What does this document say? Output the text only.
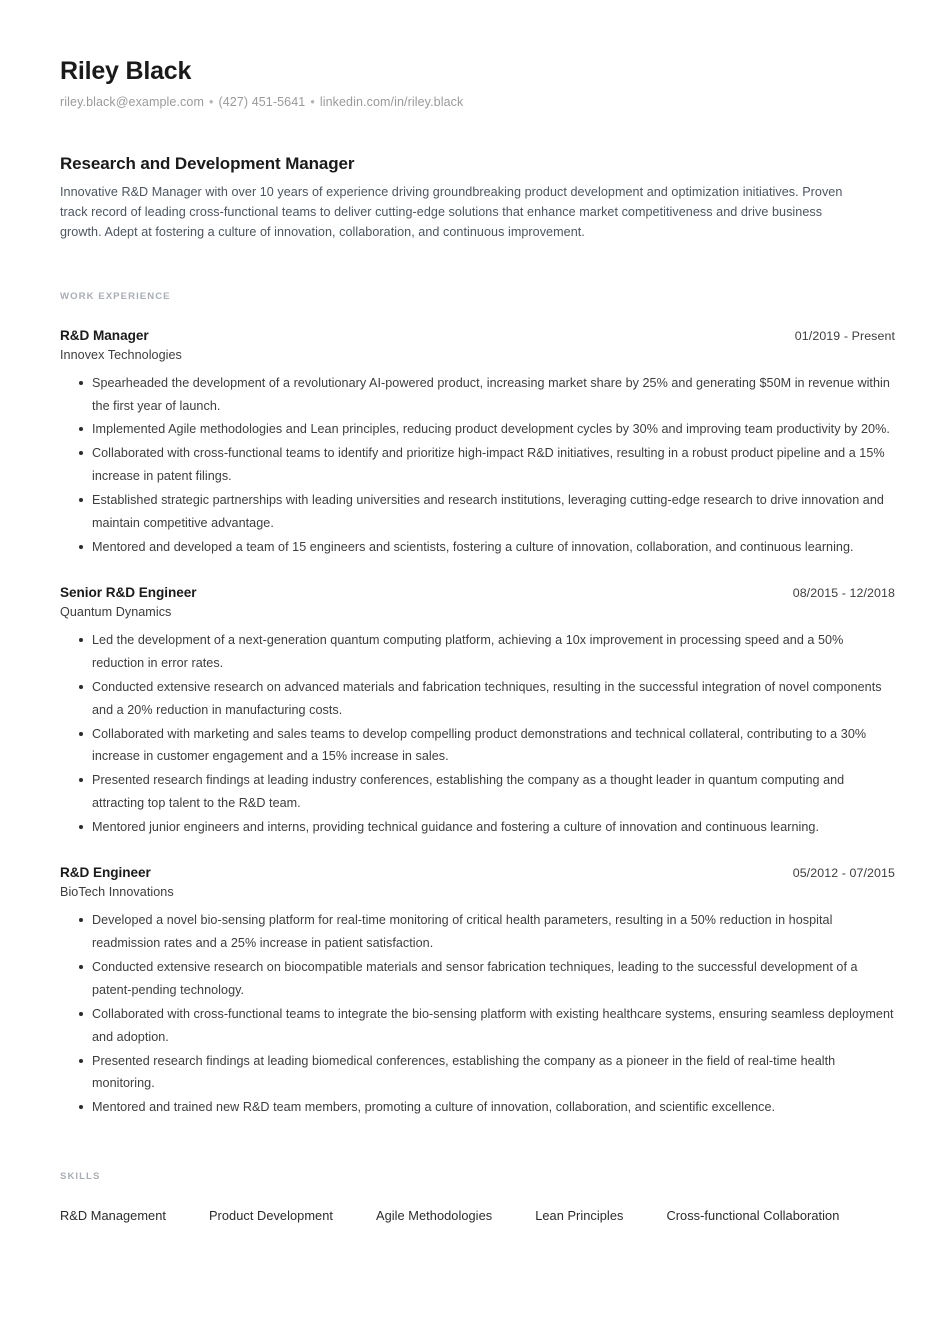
Riley Black

riley.black@example.com • (427) 451-5641 • linkedin.com/in/riley.black

Research and Development Manager

Innovative R&D Manager with over 10 years of experience driving groundbreaking product development and optimization initiatives. Proven track record of leading cross-functional teams to deliver cutting-edge solutions that enhance market competitiveness and drive business growth. Adept at fostering a culture of innovation, collaboration, and continuous improvement.

WORK EXPERIENCE
R&D Manager	01/2019 - Present
Innovex Technologies
Spearheaded the development of a revolutionary AI-powered product, increasing market share by 25% and generating $50M in revenue within the first year of launch.
Implemented Agile methodologies and Lean principles, reducing product development cycles by 30% and improving team productivity by 20%.
Collaborated with cross-functional teams to identify and prioritize high-impact R&D initiatives, resulting in a robust product pipeline and a 15% increase in patent filings.
Established strategic partnerships with leading universities and research institutions, leveraging cutting-edge research to drive innovation and maintain competitive advantage.
Mentored and developed a team of 15 engineers and scientists, fostering a culture of innovation, collaboration, and continuous learning.
Senior R&D Engineer	08/2015 - 12/2018
Quantum Dynamics
Led the development of a next-generation quantum computing platform, achieving a 10x improvement in processing speed and a 50% reduction in error rates.
Conducted extensive research on advanced materials and fabrication techniques, resulting in the successful integration of novel components and a 20% reduction in manufacturing costs.
Collaborated with marketing and sales teams to develop compelling product demonstrations and technical collateral, contributing to a 30% increase in customer engagement and a 15% increase in sales.
Presented research findings at leading industry conferences, establishing the company as a thought leader in quantum computing and attracting top talent to the R&D team.
Mentored junior engineers and interns, providing technical guidance and fostering a culture of innovation and continuous learning.
R&D Engineer	05/2012 - 07/2015
BioTech Innovations
Developed a novel bio-sensing platform for real-time monitoring of critical health parameters, resulting in a 50% reduction in hospital readmission rates and a 25% increase in patient satisfaction.
Conducted extensive research on biocompatible materials and sensor fabrication techniques, leading to the successful development of a patent-pending technology.
Collaborated with cross-functional teams to integrate the bio-sensing platform with existing healthcare systems, ensuring seamless deployment and adoption.
Presented research findings at leading biomedical conferences, establishing the company as a pioneer in the field of real-time health monitoring.
Mentored and trained new R&D team members, promoting a culture of innovation, collaboration, and scientific excellence.
SKILLS
R&D Management	Product Development	Agile Methodologies	Lean Principles	Cross-functional Collaboration
